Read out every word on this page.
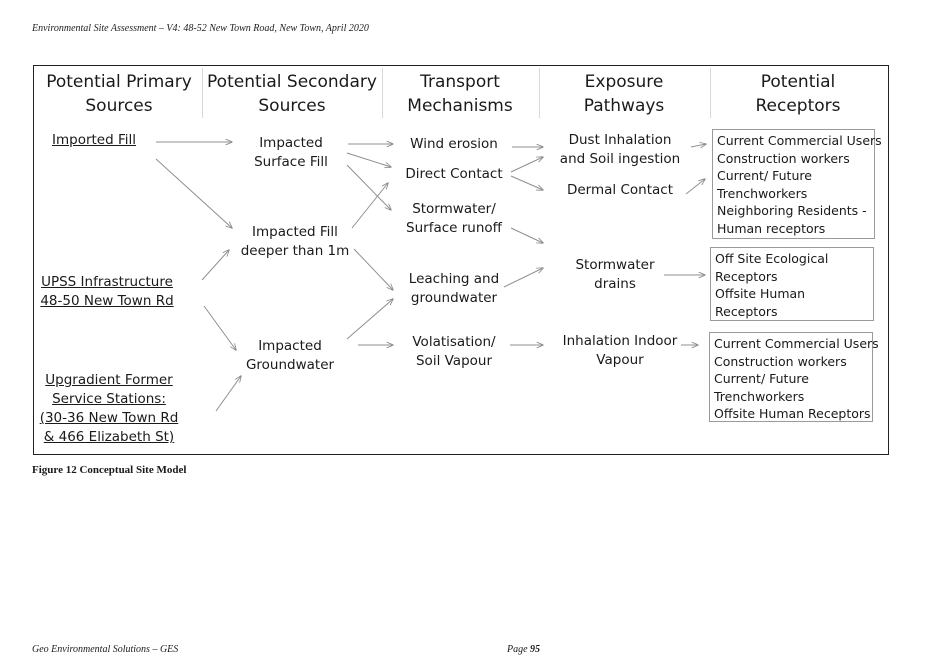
Environmental Site Assessment – V4: 48-52 New Town Road, New Town, April 2020
Potential Primary
Sources
Potential Secondary
Sources
Transport
Mechanisms
Exposure
Pathways
Potential
Receptors
Imported Fill
UPSS Infrastructure
48-50 New Town Rd
Upgradient Former
Service Stations:
(30-36 New Town Rd
& 466 Elizabeth St)
Impacted
Surface Fill
Impacted Fill
deeper than 1m
Impacted
Groundwater
Wind erosion
Direct Contact
Stormwater/
Surface runoff
Leaching and
groundwater
Volatisation/
Soil Vapour
Dust Inhalation
and Soil ingestion
Dermal Contact
Stormwater
drains
Inhalation Indoor
Vapour
Current Commercial Users
Construction workers
Current/ Future
Trenchworkers
Neighboring Residents -
Human receptors
Off Site Ecological
Receptors
Offsite Human
Receptors
Current Commercial Users
Construction workers
Current/ Future
Trenchworkers
Offsite Human Receptors
Figure 12 Conceptual Site Model
Geo Environmental Solutions – GES	Page 95
